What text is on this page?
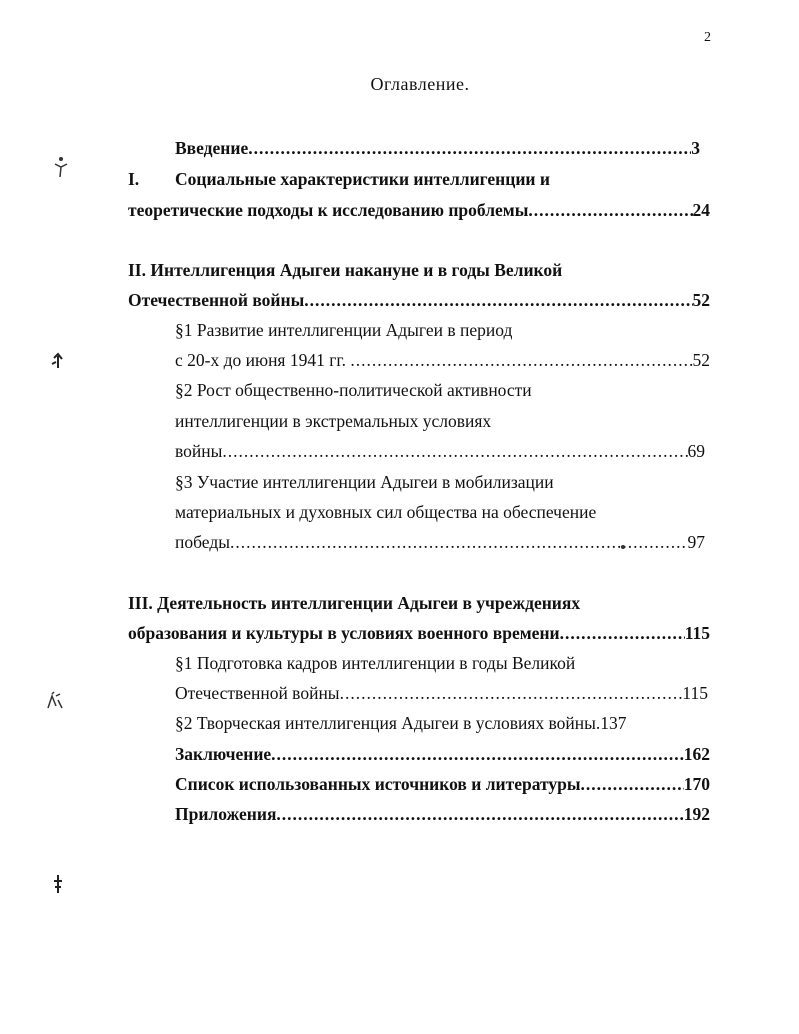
2
Оглавление.
Введение .....	3
I.	Социальные характеристики интеллигенции и
теоретические подходы к исследованию проблемы .....	24
II. Интеллигенция Адыгеи накануне и в годы Великой
Отечественной войны .....	52
§1 Развитие интеллигенции Адыгеи в период
с 20-х до июня 1941 гг. .....	52
§2 Рост общественно-политической активности
интеллигенции в экстремальных условиях
войны .....	69
§3 Участие интеллигенции Адыгеи в мобилизации
материальных и духовных сил общества на обеспечение
победы .....	97
III. Деятельность интеллигенции Адыгеи в учреждениях
образования и культуры в условиях военного времени .....	115
§1 Подготовка кадров интеллигенции в годы Великой
Отечественной войны .....	115
§2 Творческая интеллигенция Адыгеи в условиях войны. 137
Заключение .....	162
Список использованных источников и литературы .....	170
Приложения .....	192
